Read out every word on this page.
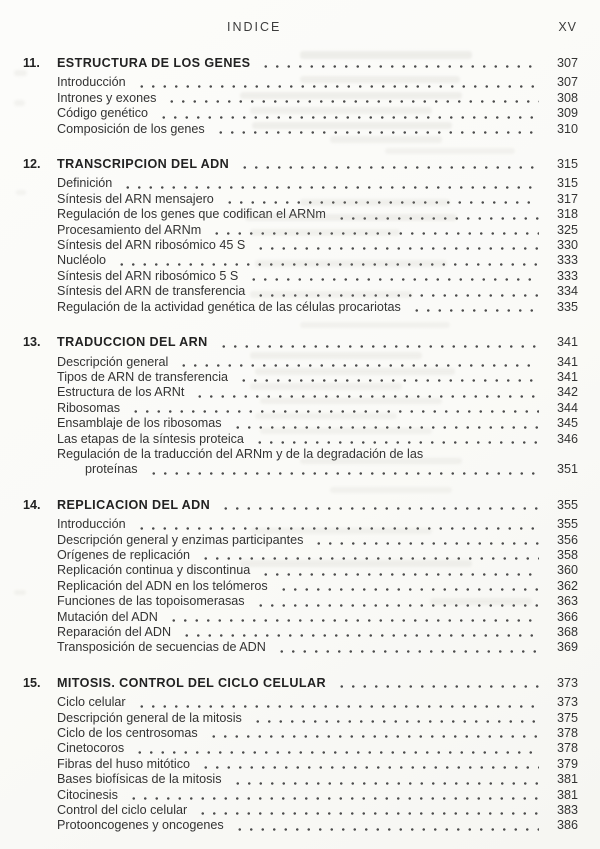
INDICE	XV
11.	ESTRUCTURA DE LOS GENES	307
Introducción	307
Intrones y exones	308
Código genético	309
Composición de los genes	310
12.	TRANSCRIPCION DEL ADN	315
Definición	315
Síntesis del ARN mensajero	317
Regulación de los genes que codifican el ARNm	318
Procesamiento del ARNm	325
Síntesis del ARN ribosómico 45 S	330
Nucléolo	333
Síntesis del ARN ribosómico 5 S	333
Síntesis del ARN de transferencia	334
Regulación de la actividad genética de las células procariotas	335
13.	TRADUCCION DEL ARN	341
Descripción general	341
Tipos de ARN de transferencia	341
Estructura de los ARNt	342
Ribosomas	344
Ensamblaje de los ribosomas	345
Las etapas de la síntesis proteica	346
Regulación de la traducción del ARNm y de la degradación de las
proteínas	351
14.	REPLICACION DEL ADN	355
Introducción	355
Descripción general y enzimas participantes	356
Orígenes de replicación	358
Replicación continua y discontinua	360
Replicación del ADN en los telómeros	362
Funciones de las topoisomerasas	363
Mutación del ADN	366
Reparación del ADN	368
Transposición de secuencias de ADN	369
15.	MITOSIS. CONTROL DEL CICLO CELULAR	373
Ciclo celular	373
Descripción general de la mitosis	375
Ciclo de los centrosomas	378
Cinetocoros	378
Fibras del huso mitótico	379
Bases biofísicas de la mitosis	381
Citocinesis	381
Control del ciclo celular	383
Protooncogenes y oncogenes	386
